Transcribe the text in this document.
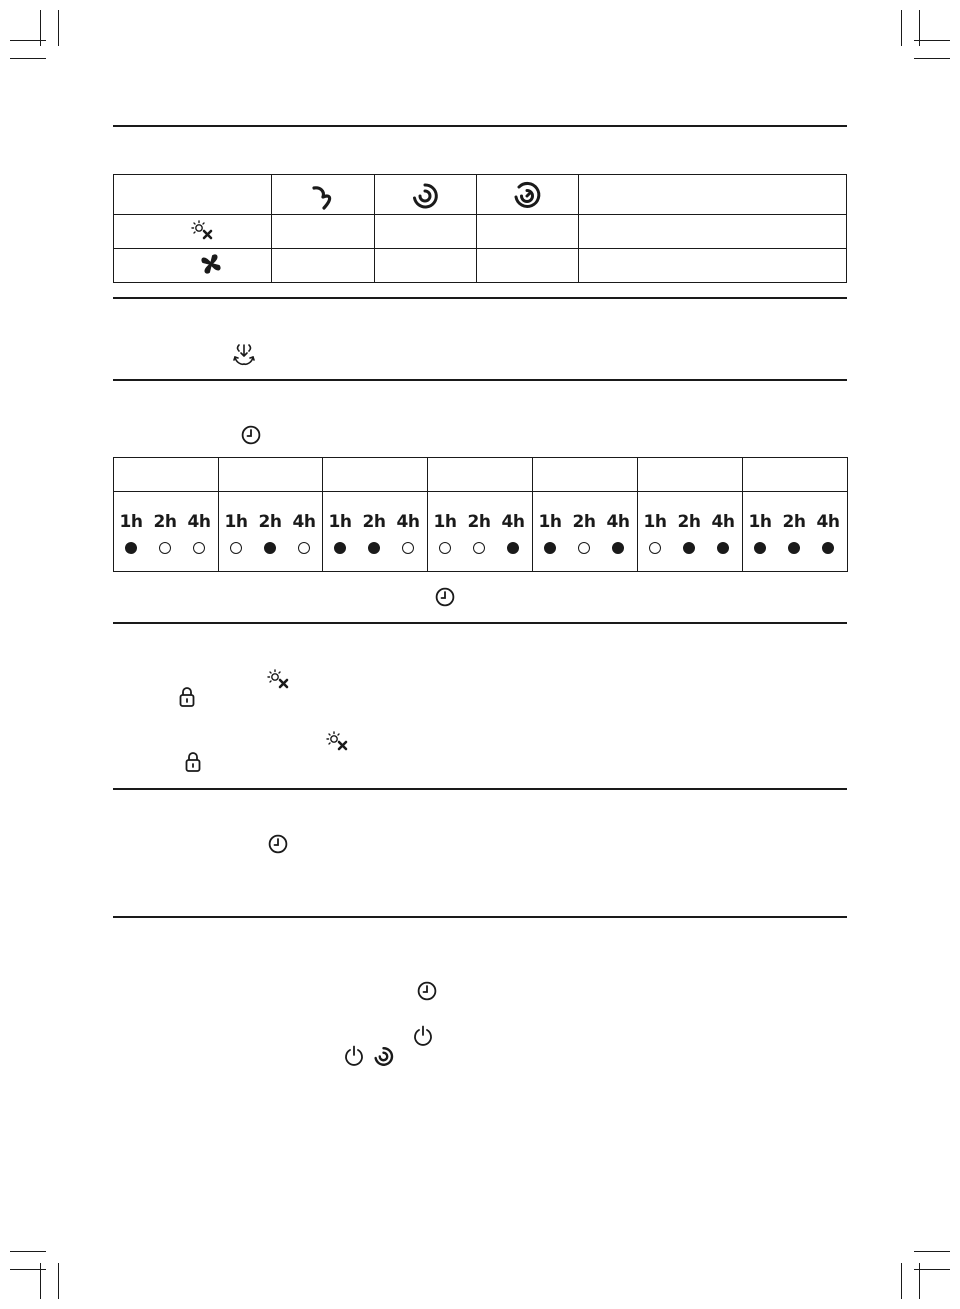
1h 2h 4h 1h 2h 4h 1h 2h 4h 1h 2h 4h 1h 2h 4h 1h 2h 4h 1h 2h 4h
